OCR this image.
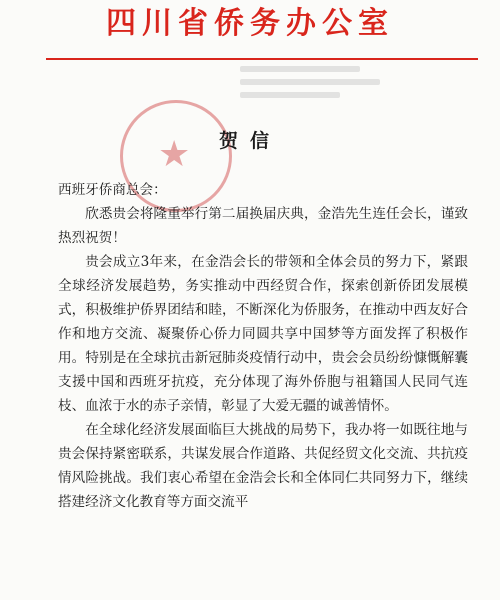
四川省侨务办公室
★	贺信

西班牙侨商总会：

欣悉贵会将隆重举行第二届换届庆典，金浩先生连任会长，谨致热烈祝贺！

贵会成立3年来，在金浩会长的带领和全体会员的努力下，紧跟全球经济发展趋势，务实推动中西经贸合作，探索创新侨团发展模式，积极维护侨界团结和睦，不断深化为侨服务，在推动中西友好合作和地方交流、凝聚侨心侨力同圆共享中国梦等方面发挥了积极作用。特别是在全球抗击新冠肺炎疫情行动中，贵会会员纷纷慷慨解囊支援中国和西班牙抗疫，充分体现了海外侨胞与祖籍国人民同气连枝、血浓于水的赤子亲情，彰显了大爱无疆的诚善情怀。

在全球化经济发展面临巨大挑战的局势下，我办将一如既往地与贵会保持紧密联系，共谋发展合作道路、共促经贸文化交流、共抗疫情风险挑战。我们衷心希望在金浩会长和全体同仁共同努力下，继续搭建经济文化教育等方面交流平
